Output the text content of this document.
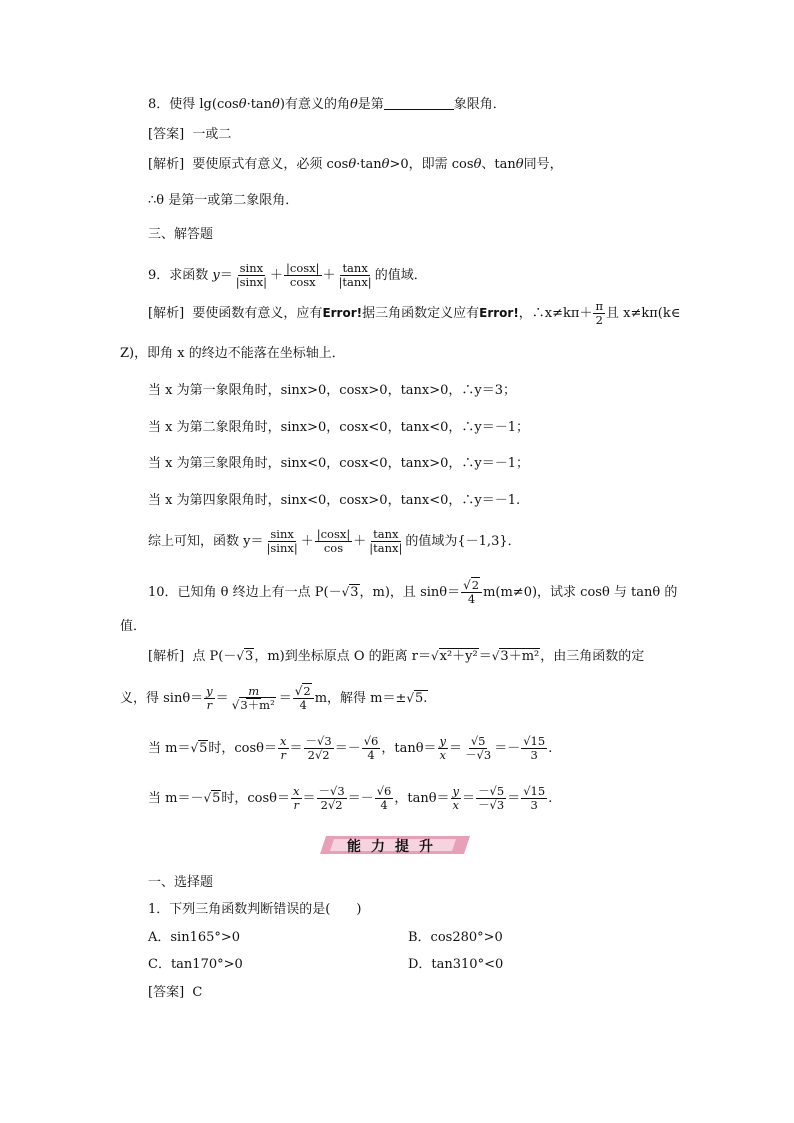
8．使得 lg(cosθ·tanθ)有意义的角θ是第	象限角．
[答案] 一或二
[解析] 要使原式有意义，必须 cosθ·tanθ>0，即需 cosθ、tanθ同号，
∴θ 是第一或第二象限角．
三、解答题
9．求函数 $y= \frac{\sin x}{|\sin x|} + \frac{|\cos x|}{\cos x} + \frac{\tan x}{|\tan x|}$ 的值域．
[解析] 要使函数有意义，应有Error!据三角函数定义应有Error!，∴x≠kπ＋ $\frac{\pi}{2}$ 且 x≠kπ(k∈
Z)，即角 x 的终边不能落在坐标轴上．
当 x 为第一象限角时，sinx>0，cosx>0，tanx>0，∴y＝3；
当 x 为第二象限角时，sinx>0，cosx<0，tanx<0，∴y＝－1；
当 x 为第三象限角时，sinx<0，cosx<0，tanx>0，∴y＝－1；
当 x 为第四象限角时，sinx<0，cosx>0，tanx<0，∴y＝－1.
综上可知，函数 $y= \frac{\sin x}{|\sin x|} + \frac{|\cos x|}{\cos} + \frac{\tan x}{|\tan x|}$ 的值域为{－1,3}．
10．已知角 θ 终边上有一点 P(－√3，m)，且 $\sin\theta= \frac{√2}{4} m(m\ne 0)$，试求 cosθ 与 tanθ 的
值．
[解析] 点 P(－√3，m)到坐标原点 O 的距离 r＝√x²＋y²＝√3＋m²，由三角函数的定
义，得 $\sin\theta= \frac{y}{r} = \frac{m}{\text{√3＋m²}} = \frac{√2}{4}$ m，解得 m＝±√5.
当 m＝√5时，$\cos\theta= \frac{x}{r} = \frac{-√3}{2√2} =- \frac{√6}{4}$ ，$\tan\theta= \frac{y}{x} = \frac{√5}{-√3} =- \frac{√15}{3}$ .
当 m＝－√5时，$\cos\theta= \frac{x}{r} = \frac{-√3}{2√2} =- \frac{√6}{4}$ ，$\tan\theta= \frac{y}{x} = \frac{-√5}{-√3} = \frac{√15}{3}$ .
能力提升
一、选择题
1．下列三角函数判断错误的是(　　)
A．sin165°>0	B．cos280°>0
C．tan170°>0	D．tan310°<0
[答案] C
